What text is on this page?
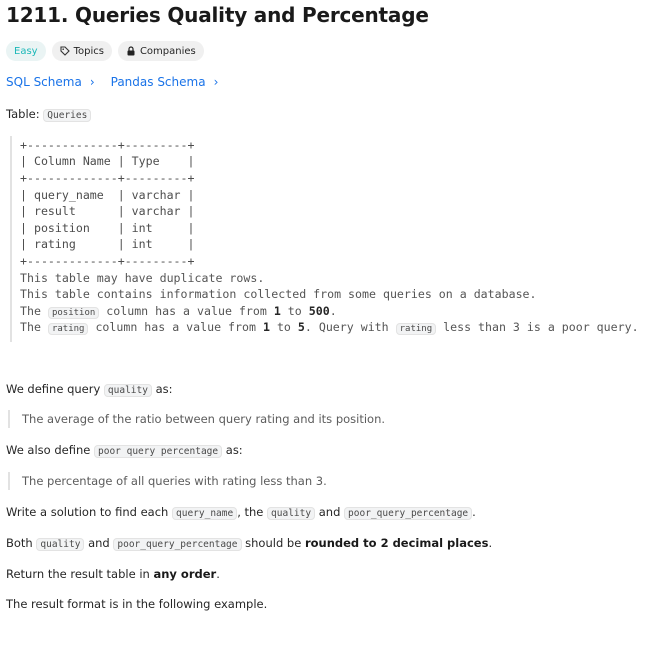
1211. Queries Quality and Percentage
Easy	Topics	Companies
SQL Schema › Pandas Schema ›
Table: Queries
+-------------+---------+
| Column Name | Type    |
+-------------+---------+
| query_name  | varchar |
| result      | varchar |
| position    | int     |
| rating      | int     |
+-------------+---------+
This table may have duplicate rows.
This table contains information collected from some queries on a database.
The position column has a value from 1 to 500.
The rating column has a value from 1 to 5. Query with rating less than 3 is a poor query.
We define query quality as:
The average of the ratio between query rating and its position.
We also define poor query percentage as:
The percentage of all queries with rating less than 3.
Write a solution to find each query_name , the quality and poor_query_percentage .
Both quality and poor_query_percentage should be rounded to 2 decimal places.
Return the result table in any order.
The result format is in the following example.
